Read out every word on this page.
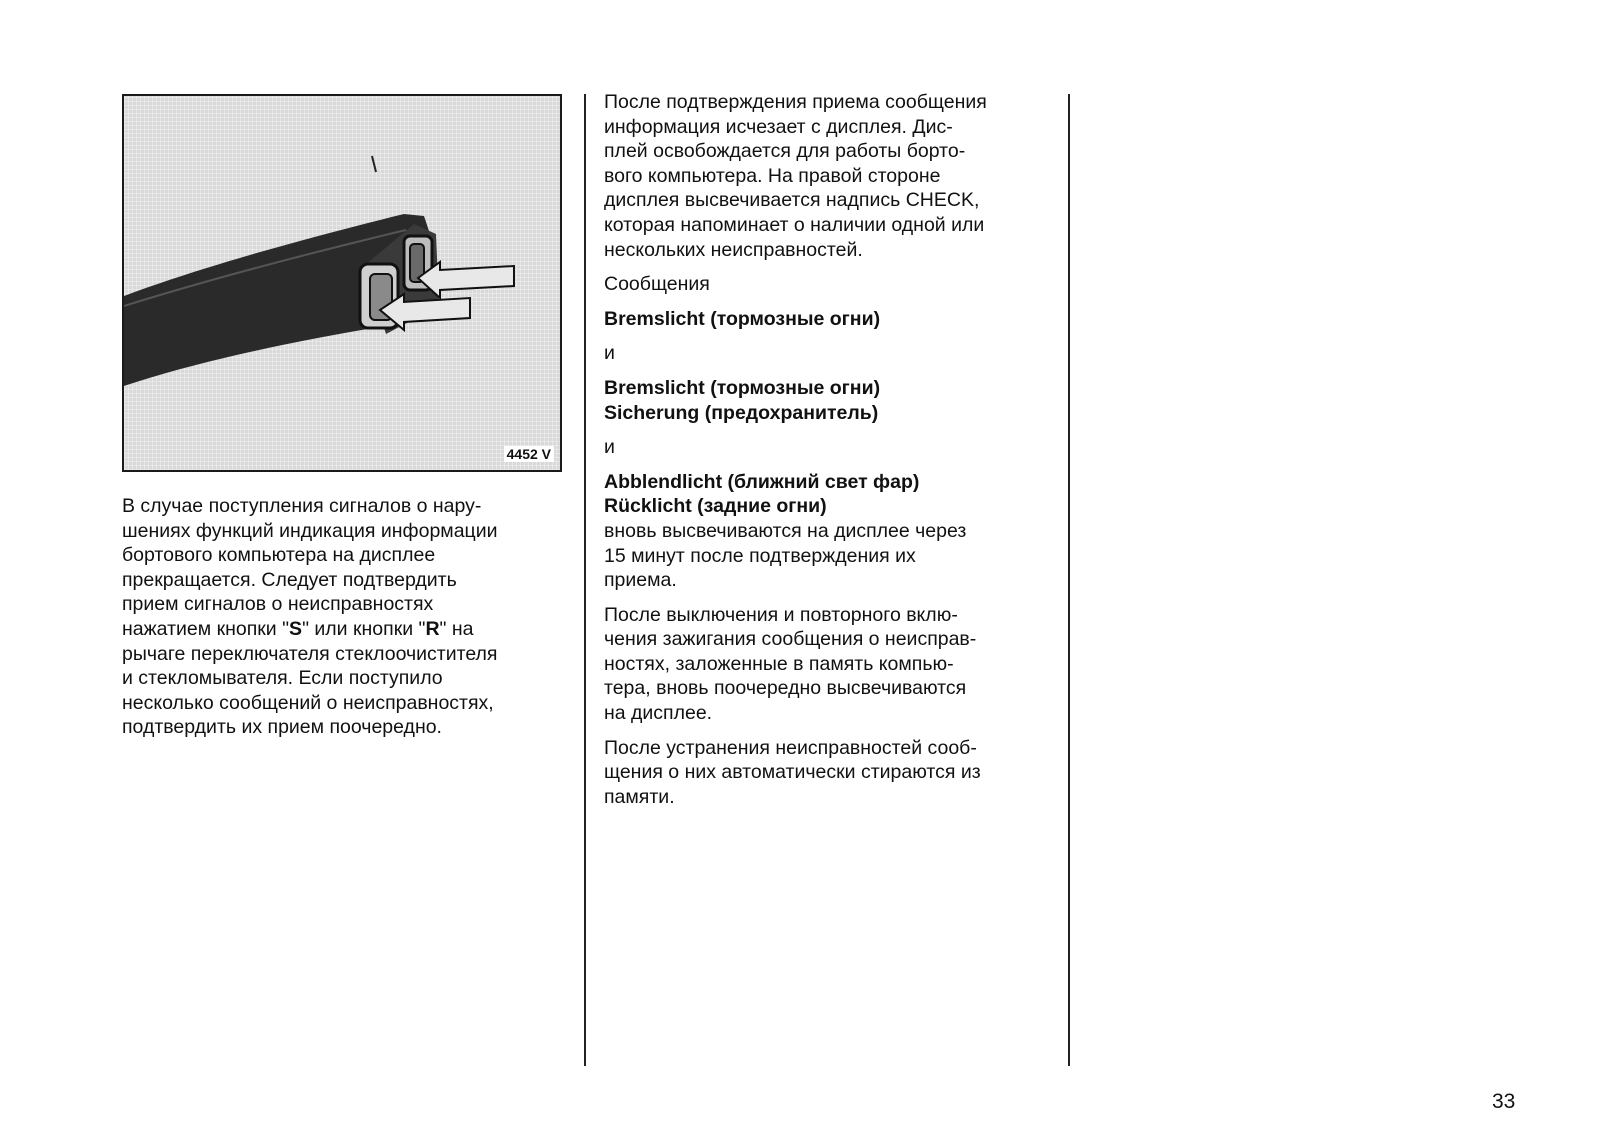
4452 V

В случае поступления сигналов о нару-

шениях функций индикация информации

бортового компьютера на дисплее

прекращается. Следует подтвердить

прием сигналов о неисправностях

нажатием кнопки "S" или кнопки "R" на

рычаге переключателя стеклоочистителя

и стекломывателя. Если поступило

несколько сообщений о неисправностях,

подтвердить их прием поочередно.

После подтверждения приема сообщения

информация исчезает с дисплея. Дис-

плей освобождается для работы борто-

вого компьютера. На правой стороне

дисплея высвечивается надпись CHECK,

которая напоминает о наличии одной или

нескольких неисправностей.

Сообщения

Bremslicht (тормозные огни)

и

Bremslicht (тормозные огни)

Sicherung (предохранитель)

и

Abblendlicht (ближний свет фар)

Rücklicht (задние огни)

вновь высвечиваются на дисплее через

15 минут после подтверждения их

приема.

После выключения и повторного вклю-

чения зажигания сообщения о неисправ-

ностях, заложенные в память компью-

тера, вновь поочередно высвечиваются

на дисплее.

После устранения неисправностей сооб-

щения о них автоматически стираются из

памяти.

33
